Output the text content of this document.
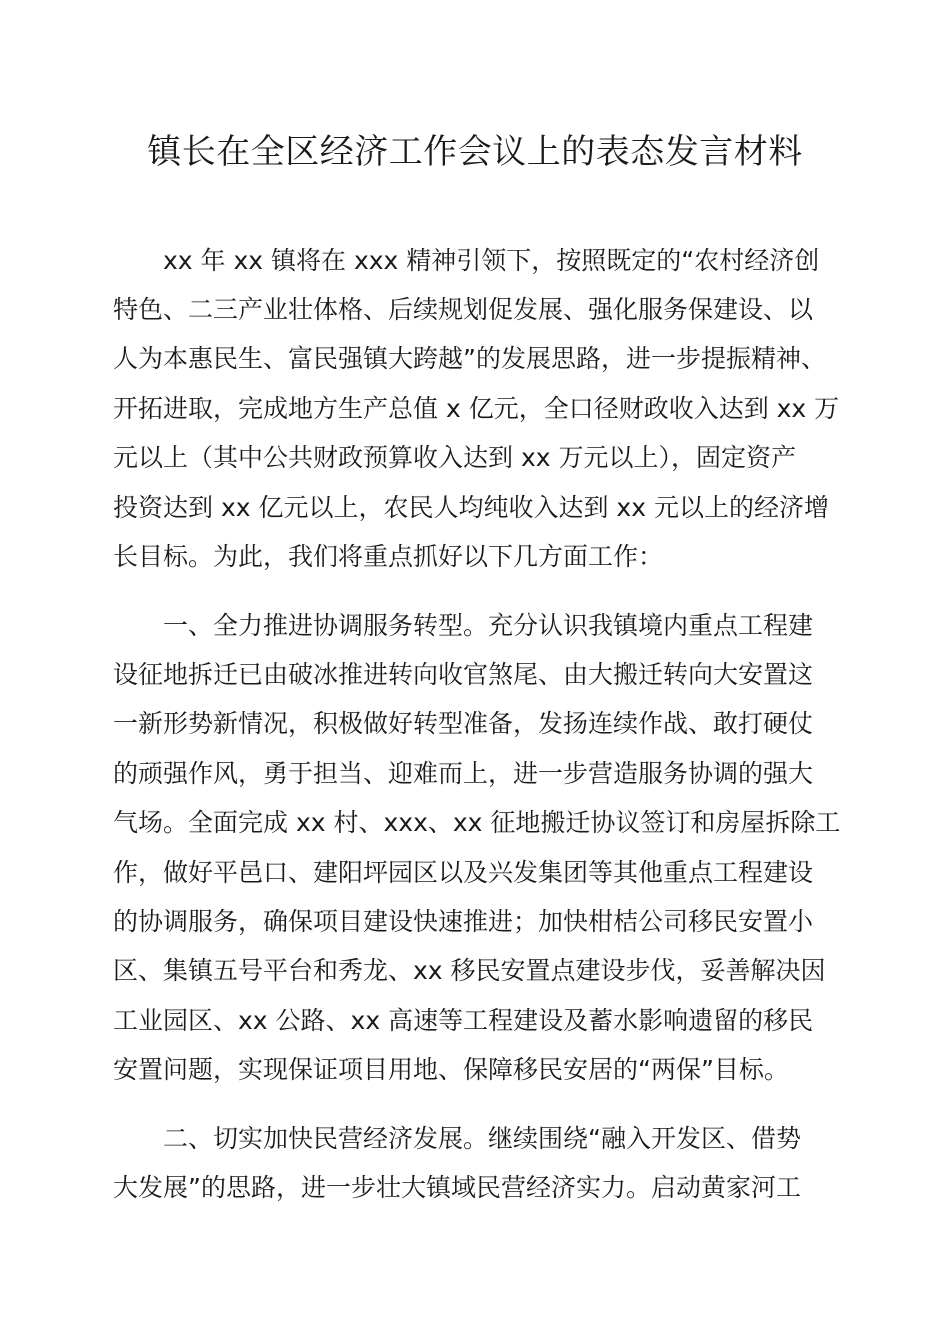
镇长在全区经济工作会议上的表态发言材料
xx 年 xx 镇将在 xxx 精神引领下，按照既定的“农村经济创
特色、二三产业壮体格、后续规划促发展、强化服务保建设、以
人为本惠民生、富民强镇大跨越”的发展思路，进一步提振精神、
开拓进取，完成地方生产总值 x 亿元，全口径财政收入达到 xx 万
元以上（其中公共财政预算收入达到 xx 万元以上），固定资产
投资达到 xx 亿元以上，农民人均纯收入达到 xx 元以上的经济增
长目标。为此，我们将重点抓好以下几方面工作：
一、全力推进协调服务转型。充分认识我镇境内重点工程建
设征地拆迁已由破冰推进转向收官煞尾、由大搬迁转向大安置这
一新形势新情况，积极做好转型准备，发扬连续作战、敢打硬仗
的顽强作风，勇于担当、迎难而上，进一步营造服务协调的强大
气场。全面完成 xx 村、xxx、xx 征地搬迁协议签订和房屋拆除工
作，做好平邑口、建阳坪园区以及兴发集团等其他重点工程建设
的协调服务，确保项目建设快速推进；加快柑桔公司移民安置小
区、集镇五号平台和秀龙、xx 移民安置点建设步伐，妥善解决因
工业园区、xx 公路、xx 高速等工程建设及蓄水影响遗留的移民
安置问题，实现保证项目用地、保障移民安居的“两保”目标。
二、切实加快民营经济发展。继续围绕“融入开发区、借势
大发展”的思路，进一步壮大镇域民营经济实力。启动黄家河工
